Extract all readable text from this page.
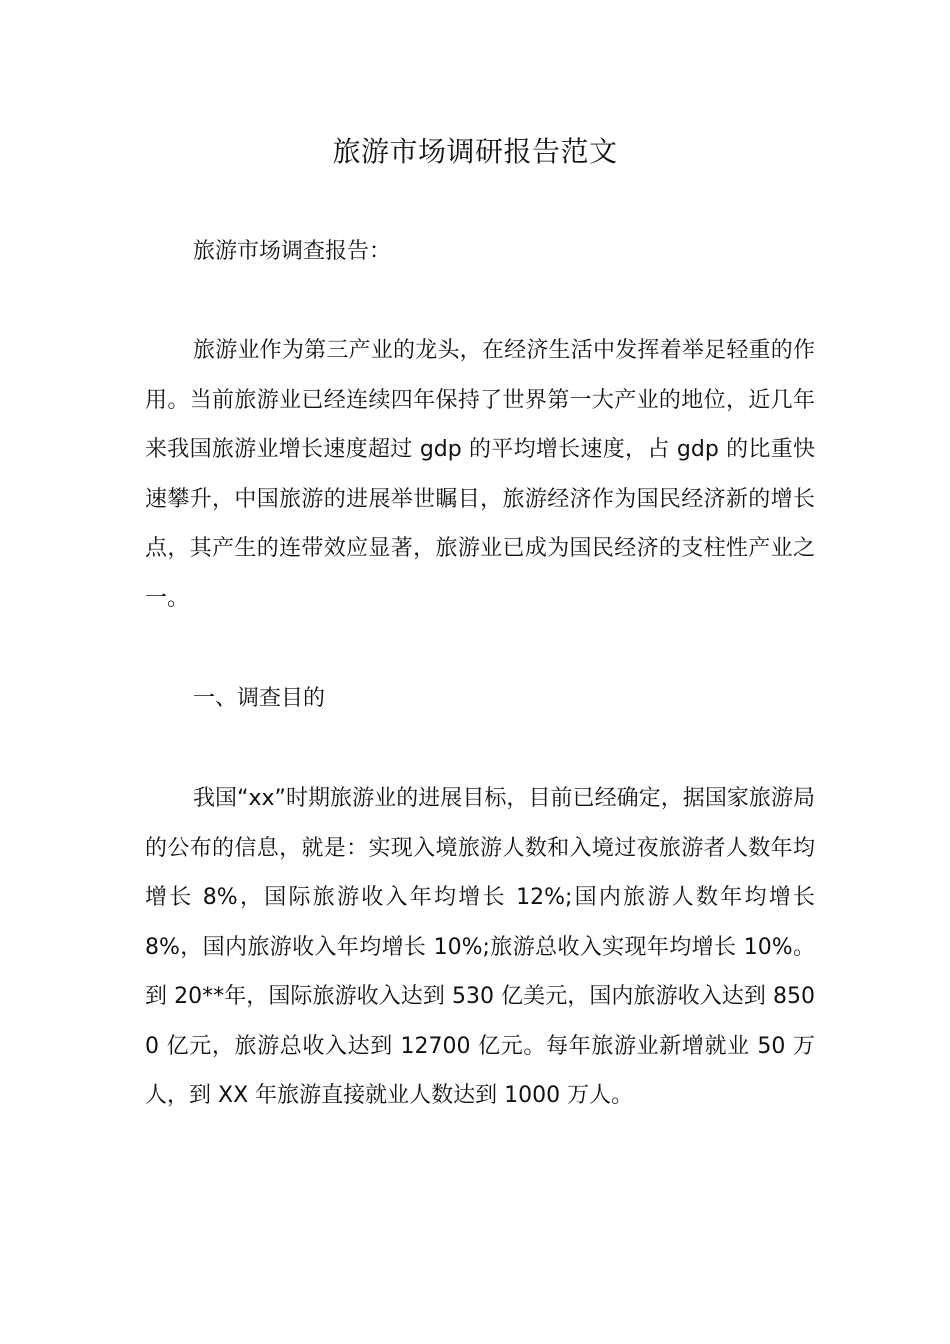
旅游市场调研报告范文

旅游市场调查报告：

旅游业作为第三产业的龙头，在经济生活中发挥着举足轻重的作用。当前旅游业已经连续四年保持了世界第一大产业的地位，近几年来我国旅游业增长速度超过 gdp 的平均增长速度，占 gdp 的比重快速攀升，中国旅游的进展举世瞩目，旅游经济作为国民经济新的增长点，其产生的连带效应显著，旅游业已成为国民经济的支柱性产业之一。

一、调查目的

我国“xx”时期旅游业的进展目标，目前已经确定，据国家旅游局的公布的信息，就是：实现入境旅游人数和入境过夜旅游者人数年均增长 8%，国际旅游收入年均增长 12%;国内旅游人数年均增长 8%，国内旅游收入年均增长 10%;旅游总收入实现年均增长 10%。到 20**年，国际旅游收入达到 530 亿美元，国内旅游收入达到 8500 亿元，旅游总收入达到 12700 亿元。每年旅游业新增就业 50 万人，到 XX 年旅游直接就业人数达到 1000 万人。
